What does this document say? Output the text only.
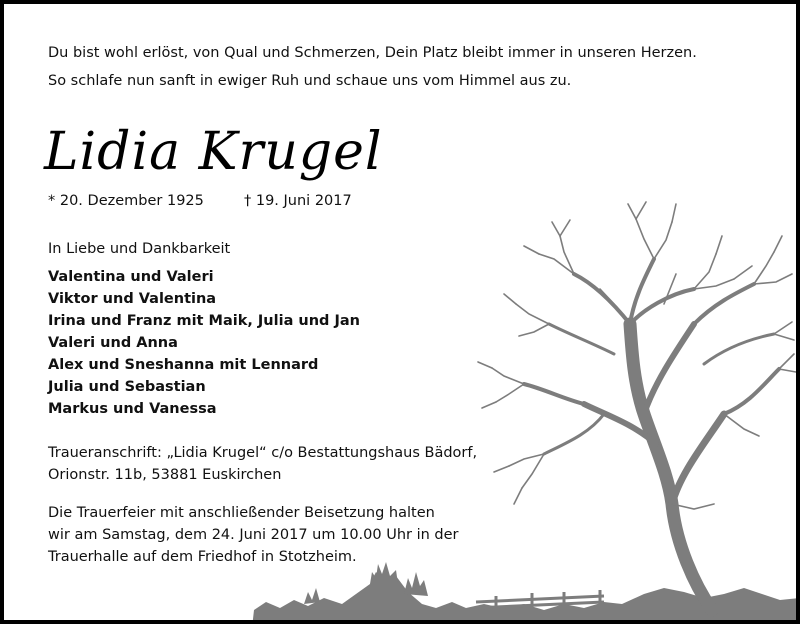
Du bist wohl erlöst, von Qual und Schmerzen, Dein Platz bleibt immer in unseren Herzen.
So schlafe nun sanft in ewiger Ruh und schaue uns vom Himmel aus zu.
Lidia Krugel
* 20. Dezember 1925	† 19. Juni 2017
In Liebe und Dankbarkeit
Valentina und Valeri
Viktor und Valentina
Irina und Franz mit Maik, Julia und Jan
Valeri und Anna
Alex und Sneshanna mit Lennard
Julia und Sebastian
Markus und Vanessa
Traueranschrift: „Lidia Krugel“ c/o Bestattungshaus Bädorf,
Orionstr. 11b, 53881 Euskirchen
Die Trauerfeier mit anschließender Beisetzung halten
wir am Samstag, dem 24. Juni 2017 um 10.00 Uhr in der
Trauerhalle auf dem Friedhof in Stotzheim.
